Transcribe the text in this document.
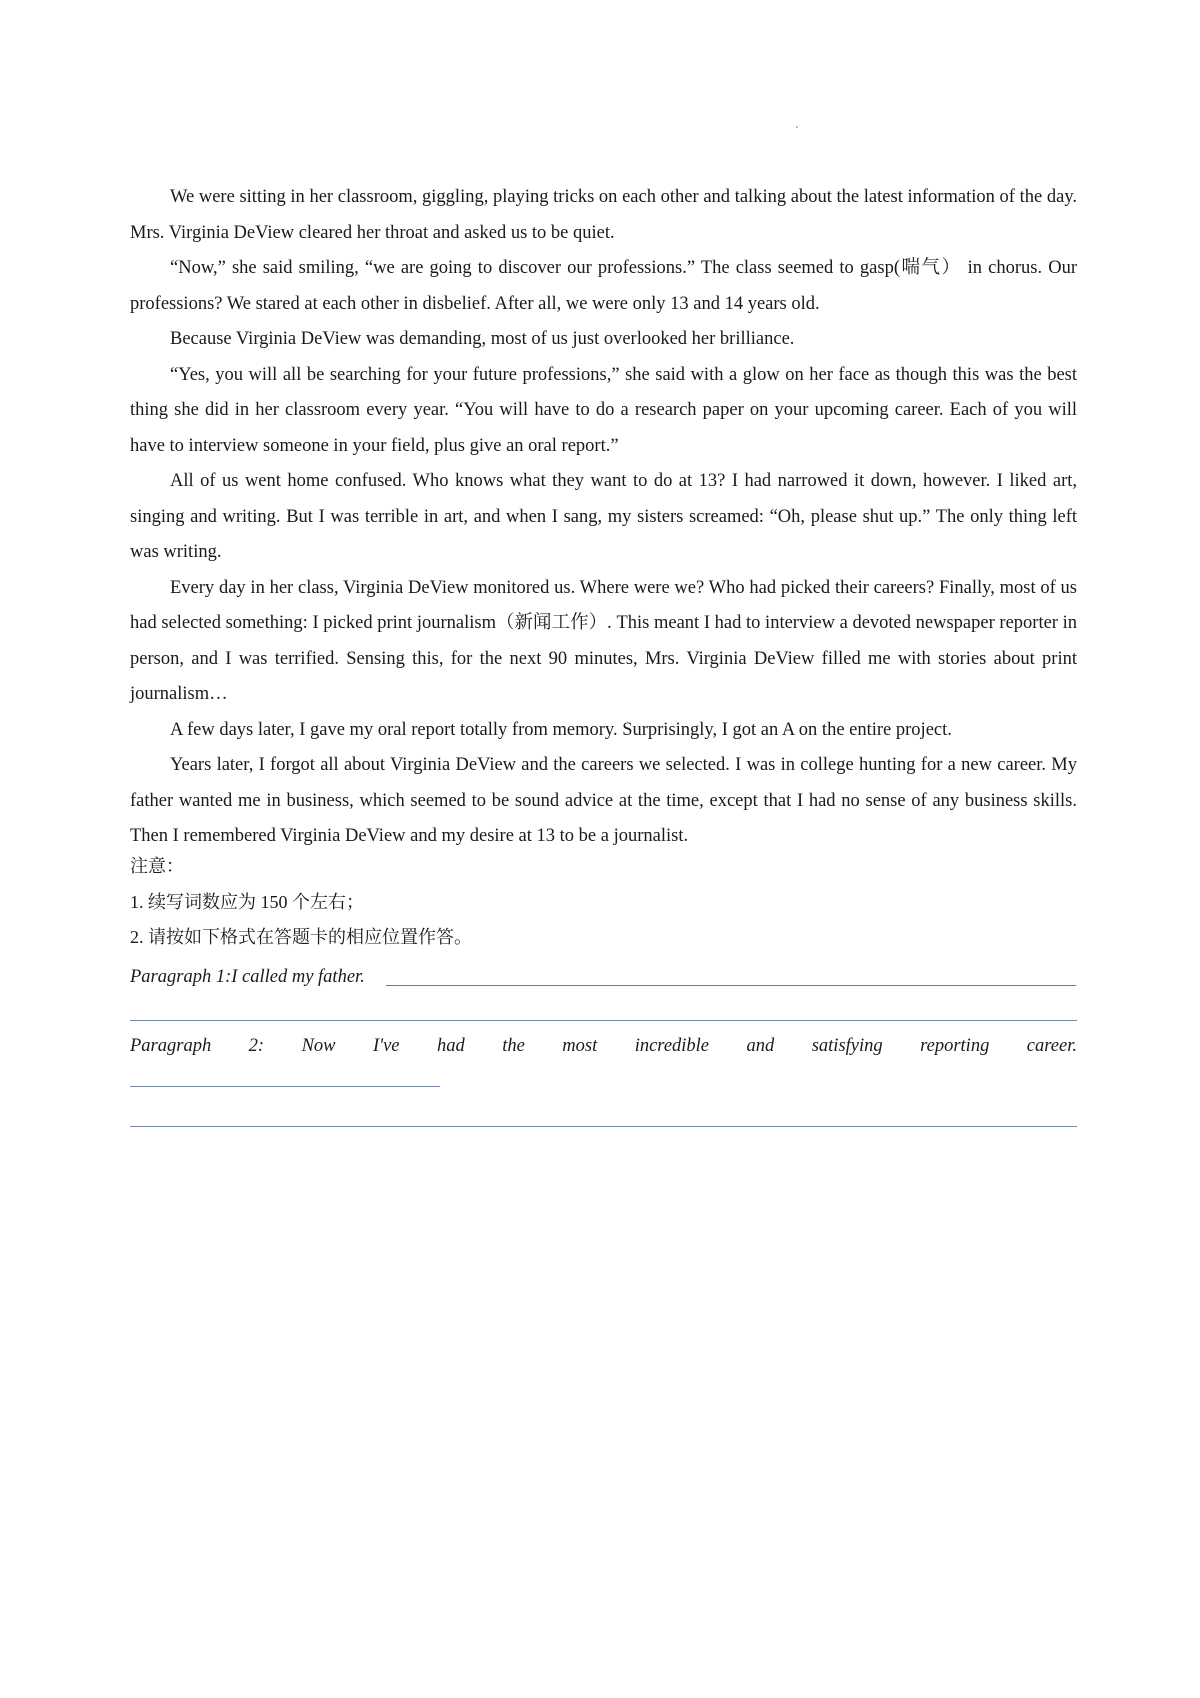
We were sitting in her classroom, giggling, playing tricks on each other and talking about the latest information of the day. Mrs. Virginia DeView cleared her throat and asked us to be quiet.

“Now,” she said smiling, “we are going to discover our professions.” The class seemed to gasp(喘气） in chorus. Our professions? We stared at each other in disbelief. After all, we were only 13 and 14 years old.

Because Virginia DeView was demanding, most of us just overlooked her brilliance.

“Yes, you will all be searching for your future professions,” she said with a glow on her face as though this was the best thing she did in her classroom every year. “You will have to do a research paper on your upcoming career. Each of you will have to interview someone in your field, plus give an oral report.”

All of us went home confused. Who knows what they want to do at 13? I had narrowed it down, however. I liked art, singing and writing. But I was terrible in art, and when I sang, my sisters screamed: “Oh, please shut up.” The only thing left was writing.

Every day in her class, Virginia DeView monitored us. Where were we? Who had picked their careers? Finally, most of us had selected something: I picked print journalism（新闻工作）. This meant I had to interview a devoted newspaper reporter in person, and I was terrified. Sensing this, for the next 90 minutes, Mrs. Virginia DeView filled me with stories about print journalism…

A few days later, I gave my oral report totally from memory. Surprisingly, I got an A on the entire project.

Years later, I forgot all about Virginia DeView and the careers we selected. I was in college hunting for a new career. My father wanted me in business, which seemed to be sound advice at the time, except that I had no sense of any business skills. Then I remembered Virginia DeView and my desire at 13 to be a journalist.

注意：
1. 续写词数应为 150 个左右；
2. 请按如下格式在答题卡的相应位置作答。
Paragraph 1:I called my father.
Paragraph 2: Now I've had the most incredible and satisfying reporting career.
